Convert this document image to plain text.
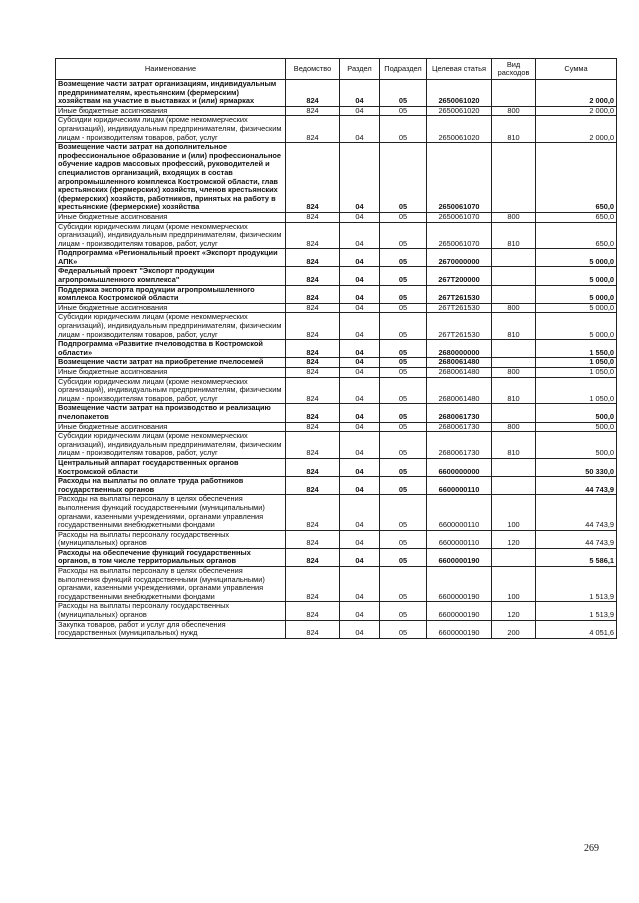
Наименование	Ведомство	Раздел	Подраздел	Целевая статья	Вид расходов	Сумма
Возмещение части затрат организациям, индивидуальным предпринимателям, крестьянским (фермерским) хозяйствам на участие в выставках и (или) ярмарках	824	04	05	2650061020		2 000,0
Иные бюджетные ассигнования	824	04	05	2650061020	800	2 000,0
Субсидии юридическим лицам (кроме некоммерческих организаций), индивидуальным предпринимателям, физическим лицам - производителям товаров, работ, услуг	824	04	05	2650061020	810	2 000,0
Возмещение части затрат на дополнительное профессиональное образование и (или) профессиональное обучение кадров массовых профессий, руководителей и специалистов организаций, входящих в состав агропромышленного комплекса Костромской области, глав крестьянских (фермерских) хозяйств, членов крестьянских (фермерских) хозяйств, работников, принятых на работу в крестьянские (фермерские) хозяйства	824	04	05	2650061070		650,0
Иные бюджетные ассигнования	824	04	05	2650061070	800	650,0
Субсидии юридическим лицам (кроме некоммерческих организаций), индивидуальным предпринимателям, физическим лицам - производителям товаров, работ, услуг	824	04	05	2650061070	810	650,0
Подпрограмма «Региональный проект «Экспорт продукции АПК»	824	04	05	2670000000		5 000,0
Федеральный проект "Экспорт продукции агропромышленного комплекса"	824	04	05	267T200000		5 000,0
Поддержка экспорта продукции агропромышленного комплекса Костромской области	824	04	05	267T261530		5 000,0
Иные бюджетные ассигнования	824	04	05	267T261530	800	5 000,0
Субсидии юридическим лицам (кроме некоммерческих организаций), индивидуальным предпринимателям, физическим лицам - производителям товаров, работ, услуг	824	04	05	267T261530	810	5 000,0
Подпрограмма «Развитие пчеловодства в Костромской области»	824	04	05	2680000000		1 550,0
Возмещение части затрат на приобретение пчелосемей	824	04	05	2680061480		1 050,0
Иные бюджетные ассигнования	824	04	05	2680061480	800	1 050,0
Субсидии юридическим лицам (кроме некоммерческих организаций), индивидуальным предпринимателям, физическим лицам - производителям товаров, работ, услуг	824	04	05	2680061480	810	1 050,0
Возмещение части затрат на производство и реализацию пчелопакетов	824	04	05	2680061730		500,0
Иные бюджетные ассигнования	824	04	05	2680061730	800	500,0
Субсидии юридическим лицам (кроме некоммерческих организаций), индивидуальным предпринимателям, физическим лицам - производителям товаров, работ, услуг	824	04	05	2680061730	810	500,0
Центральный аппарат государственных органов Костромской области	824	04	05	6600000000		50 330,0
Расходы на выплаты по оплате труда работников государственных органов	824	04	05	6600000110		44 743,9
Расходы на выплаты персоналу в целях обеспечения выполнения функций государственными (муниципальными) органами, казенными учреждениями, органами управления государственными внебюджетными фондами	824	04	05	6600000110	100	44 743,9
Расходы на выплаты персоналу государственных (муниципальных) органов	824	04	05	6600000110	120	44 743,9
Расходы на обеспечение функций государственных органов, в том числе территориальных органов	824	04	05	6600000190		5 586,1
Расходы на выплаты персоналу в целях обеспечения выполнения функций государственными (муниципальными) органами, казенными учреждениями, органами управления государственными внебюджетными фондами	824	04	05	6600000190	100	1 513,9
Расходы на выплаты персоналу государственных (муниципальных) органов	824	04	05	6600000190	120	1 513,9
Закупка товаров, работ и услуг для обеспечения государственных (муниципальных) нужд	824	04	05	6600000190	200	4 051,6
269
